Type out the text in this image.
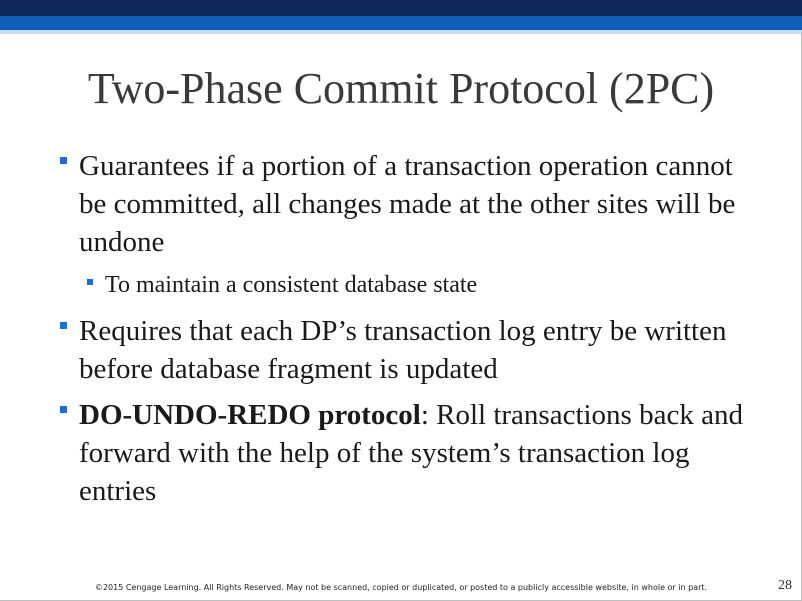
Two-Phase Commit Protocol (2PC)
Guarantees if a portion of a transaction operation cannot be committed, all changes made at the other sites will be undone
To maintain a consistent database state
Requires that each DP’s transaction log entry be written before database fragment is updated
DO-UNDO-REDO protocol: Roll transactions back and forward with the help of the system’s transaction log entries
©2015 Cengage Learning. All Rights Reserved. May not be scanned, copied or duplicated, or posted to a publicly accessible website, in whole or in part.	28
